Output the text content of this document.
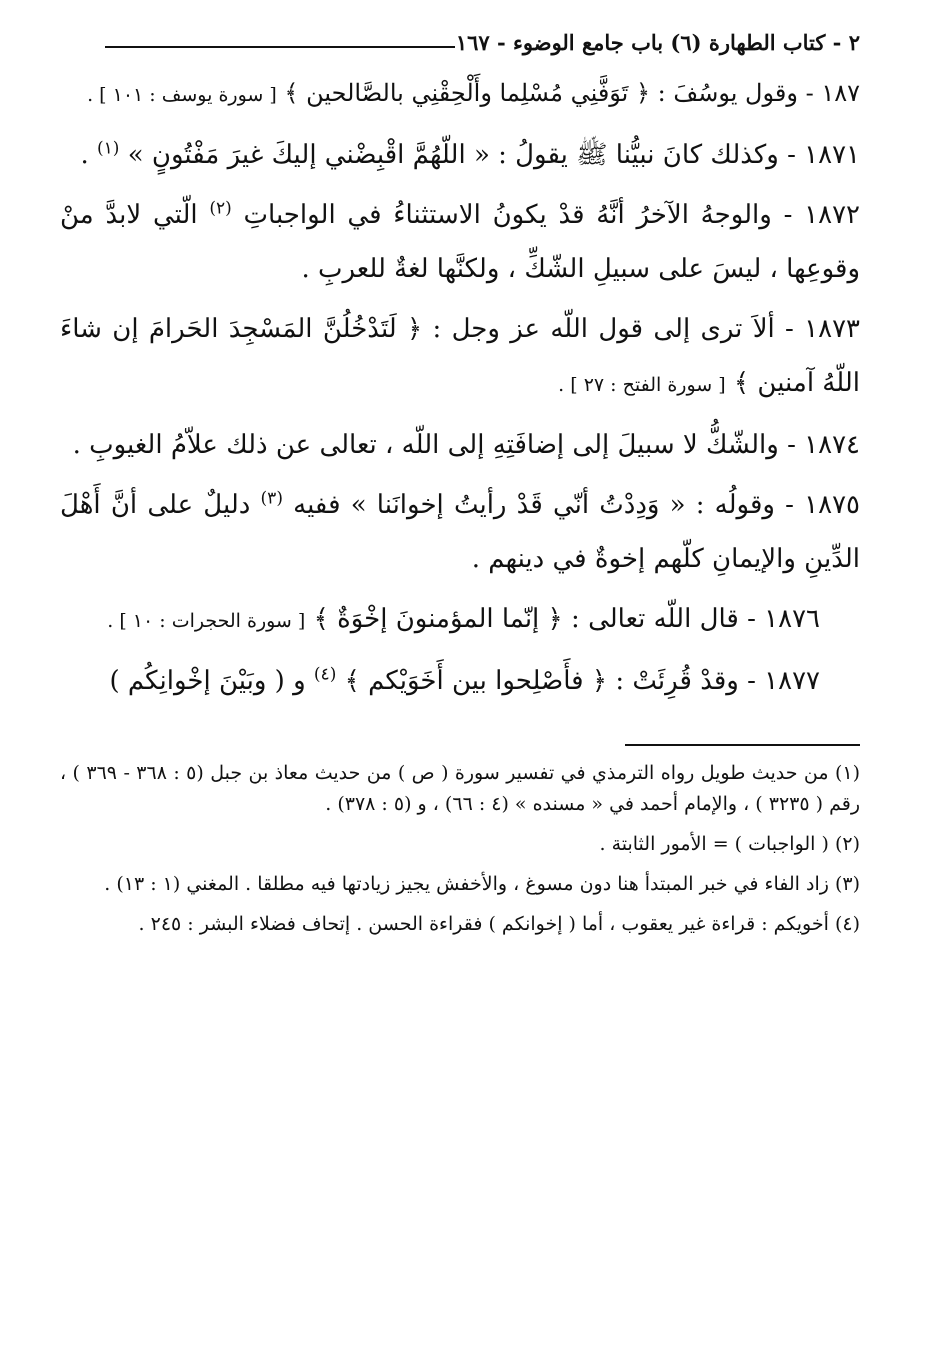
٢ - كتاب الطهارة (٦) باب جامع الوضوء - ١٦٧

١٨٧ - وقول يوسُفَ : ﴿ تَوَفَّنِي مُسْلِما وأَلْحِقْنِي بالصَّالحين ﴾ [ سورة يوسف : ١٠١ ] .

١٨٧١ - وكذلك كانَ نبيُّنا ﷺ يقولُ : « اللّهُمَّ اقْبِضْني إليكَ غيرَ مَفْتُونٍ » $^{(١)}$ .

١٨٧٢ - والوجهُ الآخرُ أنَّهُ قدْ يكونُ الاستثناءُ في الواجباتِ $^{(٢)}$ الّتي لابدَّ منْ وقوعِها ، ليسَ على سبيلِ الشّكِّ ، ولكنَّها لغةٌ للعربِ .

١٨٧٣ - ألاَ ترى إلى قول اللّه عز وجل : ﴿ لَتَدْخُلُنَّ المَسْجِدَ الحَرامَ إن شاءَ اللّهُ آمنين ﴾ [ سورة الفتح : ٢٧ ] .

١٨٧٤ - والشّكُّ لا سبيلَ إلى إضافَتِهِ إلى اللّه ، تعالى عن ذلك علاّمُ الغيوبِ .

١٨٧٥ - وقولُه : « وَدِدْتُ أنّي قَدْ رأيتُ إخوانَنا » ففيه $^{(٣)}$ دليلٌ على أنَّ أَهْلَ الدِّينِ والإيمانِ كلّهم إخوةٌ في دينهم .

١٨٧٦ - قال اللّه تعالى : ﴿ إنّما المؤمنونَ إخْوَةٌ ﴾ [ سورة الحجرات : ١٠ ] .

١٨٧٧ - وقدْ قُرِئَتْ : ﴿ فأَصْلِحوا بين أَخَوَيْكم ﴾ $^{(٤)}$ و ( وبَيْنَ إخْوانِكُم )

(١) من حديث طويل رواه الترمذي في تفسير سورة ( ص ) من حديث معاذ بن جبل (٥ : ٣٦٨ - ٣٦٩ ) ، رقم ( ٣٢٣٥ ) ، والإمام أحمد في « مسنده » (٤ : ٦٦) ، و (٥ : ٣٧٨) .

(٢) ( الواجبات ) = الأمور الثابتة .

(٣) زاد الفاء في خبر المبتدأ هنا دون مسوغ ، والأخفش يجيز زيادتها فيه مطلقا . المغني (١ : ١٣) .

(٤) أخويكم : قراءة غير يعقوب ، أما ( إخوانكم ) فقراءة الحسن . إتحاف فضلاء البشر : ٢٤٥ .
